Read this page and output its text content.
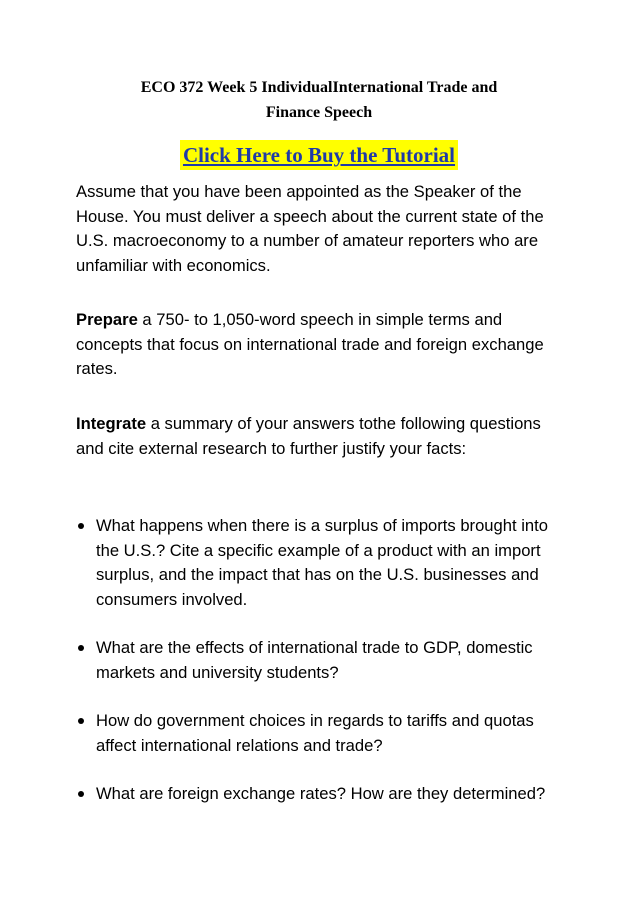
ECO 372 Week 5 IndividualInternational Trade and
Finance Speech
Click Here to Buy the Tutorial

Assume that you have been appointed as the Speaker of the House. You must deliver a speech about the current state of the U.S. macroeconomy to a number of amateur reporters who are unfamiliar with economics.

Prepare a 750- to 1,050-word speech in simple terms and concepts that focus on international trade and foreign exchange rates.

Integrate a summary of your answers tothe following questions and cite external research to further justify your facts:

What happens when there is a surplus of imports brought into the U.S.? Cite a specific example of a product with an import surplus, and the impact that has on the U.S. businesses and consumers involved.
What are the effects of international trade to GDP, domestic markets and university students?
How do government choices in regards to tariffs and quotas affect international relations and trade?
What are foreign exchange rates? How are they determined?
